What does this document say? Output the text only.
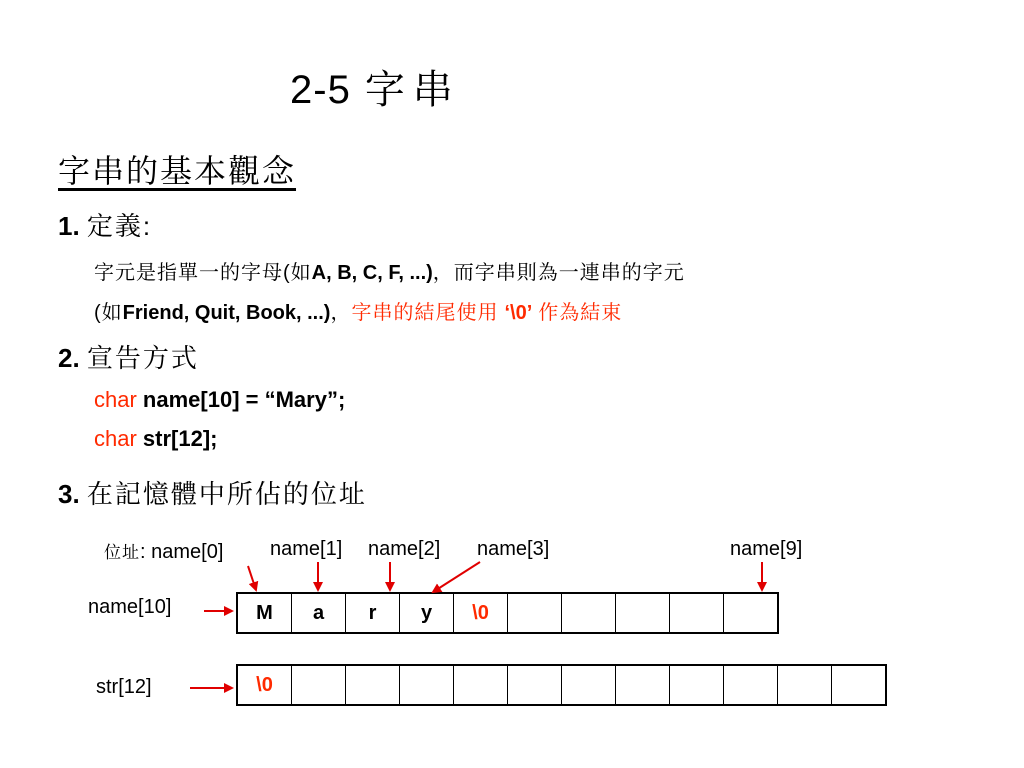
2-5 字串
字串的基本觀念
1. 定義:
字元是指單一的字母(如A, B, C, F, ...)，而字串則為一連串的字元
(如Friend, Quit, Book, ...)，字串的結尾使用 ‘\0’ 作為結束
2. 宣告方式
char name[10] = “Mary”;
char str[12];
3. 在記憶體中所佔的位址
位址: name[0] name[1] name[2] name[3]	name[9]
name[10]	M	a	r	y	\0
str[12]	\0
